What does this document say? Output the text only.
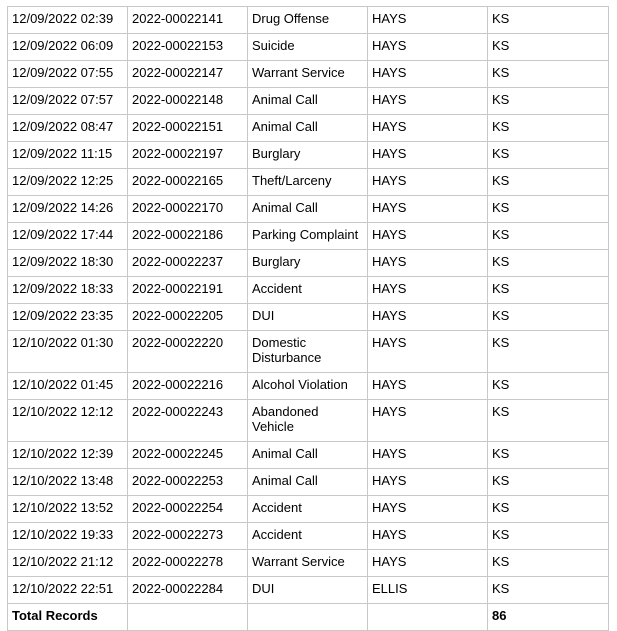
12/09/2022 02:39	2022-00022141	Drug Offense	HAYS	KS
12/09/2022 06:09	2022-00022153	Suicide	HAYS	KS
12/09/2022 07:55	2022-00022147	Warrant Service	HAYS	KS
12/09/2022 07:57	2022-00022148	Animal Call	HAYS	KS
12/09/2022 08:47	2022-00022151	Animal Call	HAYS	KS
12/09/2022 11:15	2022-00022197	Burglary	HAYS	KS
12/09/2022 12:25	2022-00022165	Theft/Larceny	HAYS	KS
12/09/2022 14:26	2022-00022170	Animal Call	HAYS	KS
12/09/2022 17:44	2022-00022186	Parking Complaint	HAYS	KS
12/09/2022 18:30	2022-00022237	Burglary	HAYS	KS
12/09/2022 18:33	2022-00022191	Accident	HAYS	KS
12/09/2022 23:35	2022-00022205	DUI	HAYS	KS
12/10/2022 01:30	2022-00022220	Domestic Disturbance	HAYS	KS
12/10/2022 01:45	2022-00022216	Alcohol Violation	HAYS	KS
12/10/2022 12:12	2022-00022243	Abandoned Vehicle	HAYS	KS
12/10/2022 12:39	2022-00022245	Animal Call	HAYS	KS
12/10/2022 13:48	2022-00022253	Animal Call	HAYS	KS
12/10/2022 13:52	2022-00022254	Accident	HAYS	KS
12/10/2022 19:33	2022-00022273	Accident	HAYS	KS
12/10/2022 21:12	2022-00022278	Warrant Service	HAYS	KS
12/10/2022 22:51	2022-00022284	DUI	ELLIS	KS
Total Records				86
